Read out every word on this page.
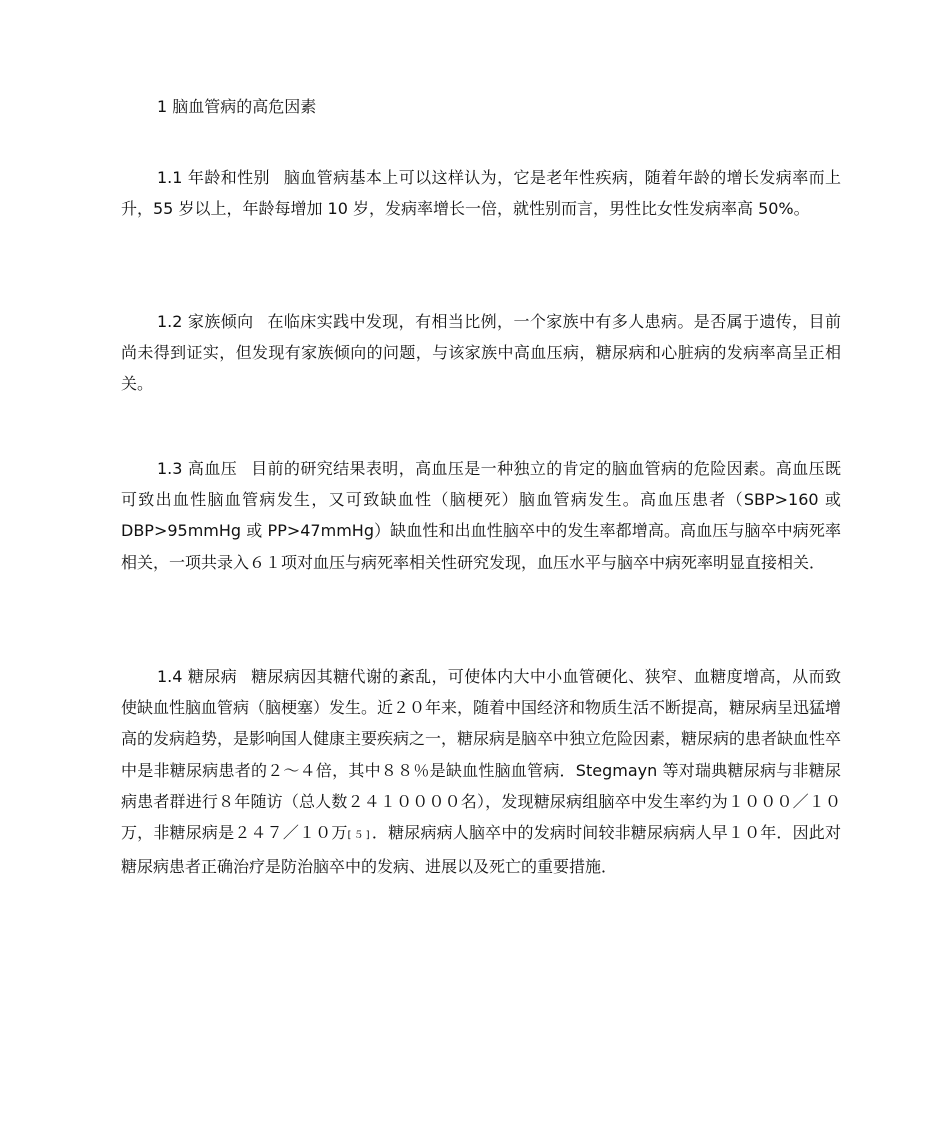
1 脑血管病的高危因素

1.1 年龄和性别 脑血管病基本上可以这样认为，它是老年性疾病，随着年龄的增长发病率而上升，55 岁以上，年龄每增加 10 岁，发病率增长一倍，就性别而言，男性比女性发病率高 50%。

1.2 家族倾向 在临床实践中发现，有相当比例，一个家族中有多人患病。是否属于遗传，目前尚未得到证实，但发现有家族倾向的问题，与该家族中高血压病，糖尿病和心脏病的发病率高呈正相关。

1.3 高血压 目前的研究结果表明，高血压是一种独立的肯定的脑血管病的危险因素。高血压既可致出血性脑血管病发生，又可致缺血性（脑梗死）脑血管病发生。高血压患者（SBP>160 或 DBP>95mmHg 或 PP>47mmHg）缺血性和出血性脑卒中的发生率都增高。高血压与脑卒中病死率相关，一项共录入６１项对血压与病死率相关性研究发现，血压水平与脑卒中病死率明显直接相关．

1.4 糖尿病 糖尿病因其糖代谢的紊乱，可使体内大中小血管硬化、狭窄、血糖度增高，从而致使缺血性脑血管病（脑梗塞）发生。近２０年来，随着中国经济和物质生活不断提高，糖尿病呈迅猛增高的发病趋势，是影响国人健康主要疾病之一，糖尿病是脑卒中独立危险因素，糖尿病的患者缺血性卒中是非糖尿病患者的２～４倍，其中８８％是缺血性脑血管病．Stegmayn 等对瑞典糖尿病与非糖尿病患者群进行８年随访（总人数２４１００００名），发现糖尿病组脑卒中发生率约为１０００／１０万，非糖尿病是２４７／１０万[５]．糖尿病病人脑卒中的发病时间较非糖尿病病人早１０年．因此对糖尿病患者正确治疗是防治脑卒中的发病、进展以及死亡的重要措施．
